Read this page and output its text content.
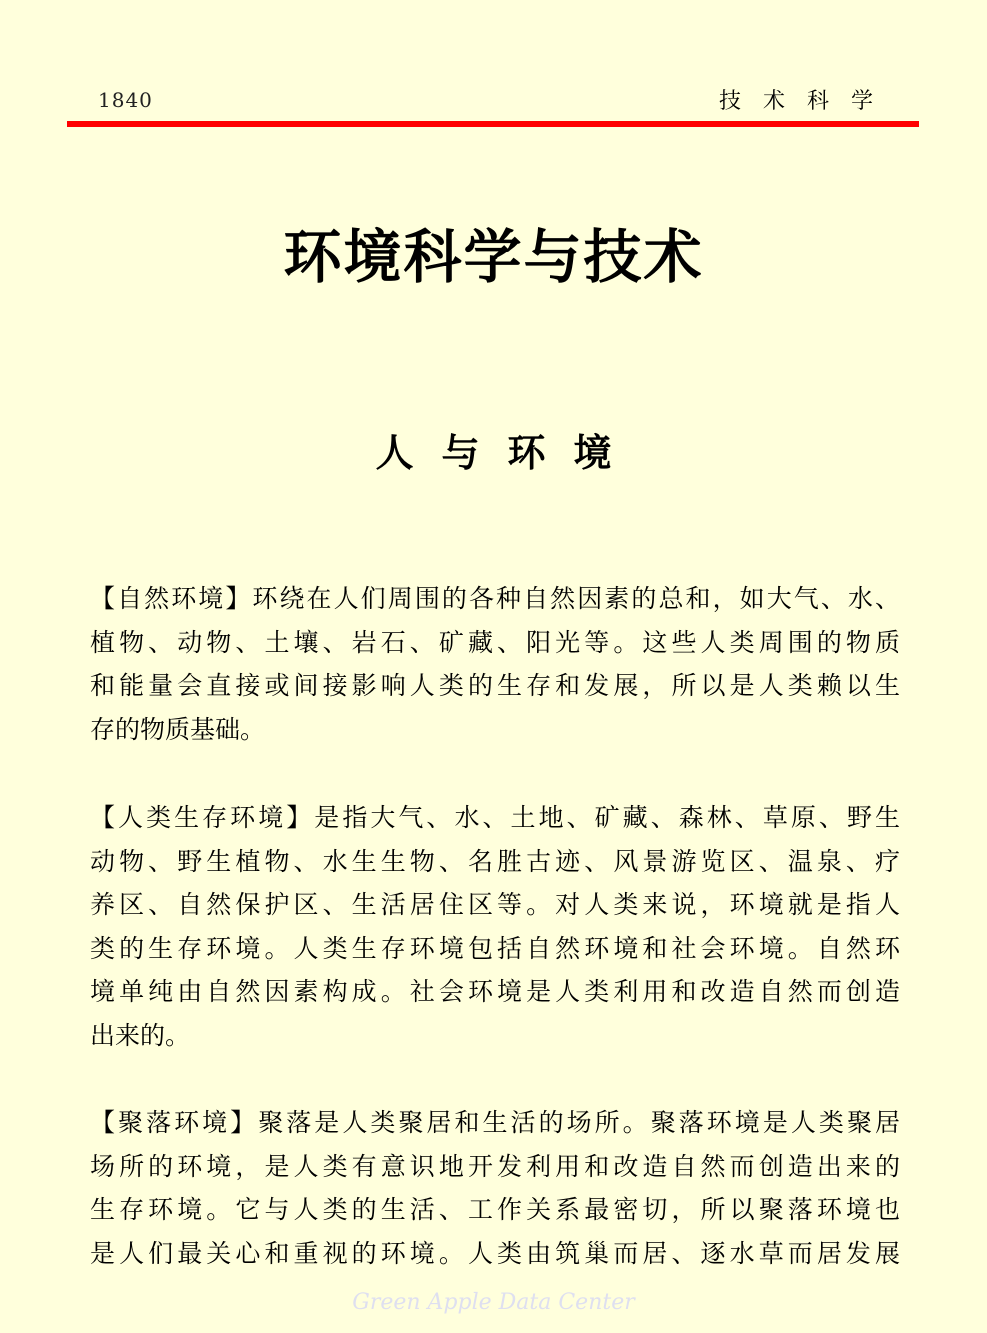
1840	技术科学
环境科学与技术
人与环境
【自然环境】环绕在人们周围的各种自然因素的总和，如大气、水、
植物、动物、土壤、岩石、矿藏、阳光等。这些人类周围的物质
和能量会直接或间接影响人类的生存和发展，所以是人类赖以生
存的物质基础。
【人类生存环境】是指大气、水、土地、矿藏、森林、草原、野生
动物、野生植物、水生生物、名胜古迹、风景游览区、温泉、疗
养区、自然保护区、生活居住区等。对人类来说，环境就是指人
类的生存环境。人类生存环境包括自然环境和社会环境。自然环
境单纯由自然因素构成。社会环境是人类利用和改造自然而创造
出来的。
【聚落环境】聚落是人类聚居和生活的场所。聚落环境是人类聚居
场所的环境，是人类有意识地开发利用和改造自然而创造出来的
生存环境。它与人类的生活、工作关系最密切，所以聚落环境也
是人们最关心和重视的环境。人类由筑巢而居、逐水草而居发展
Green Apple Data Center
